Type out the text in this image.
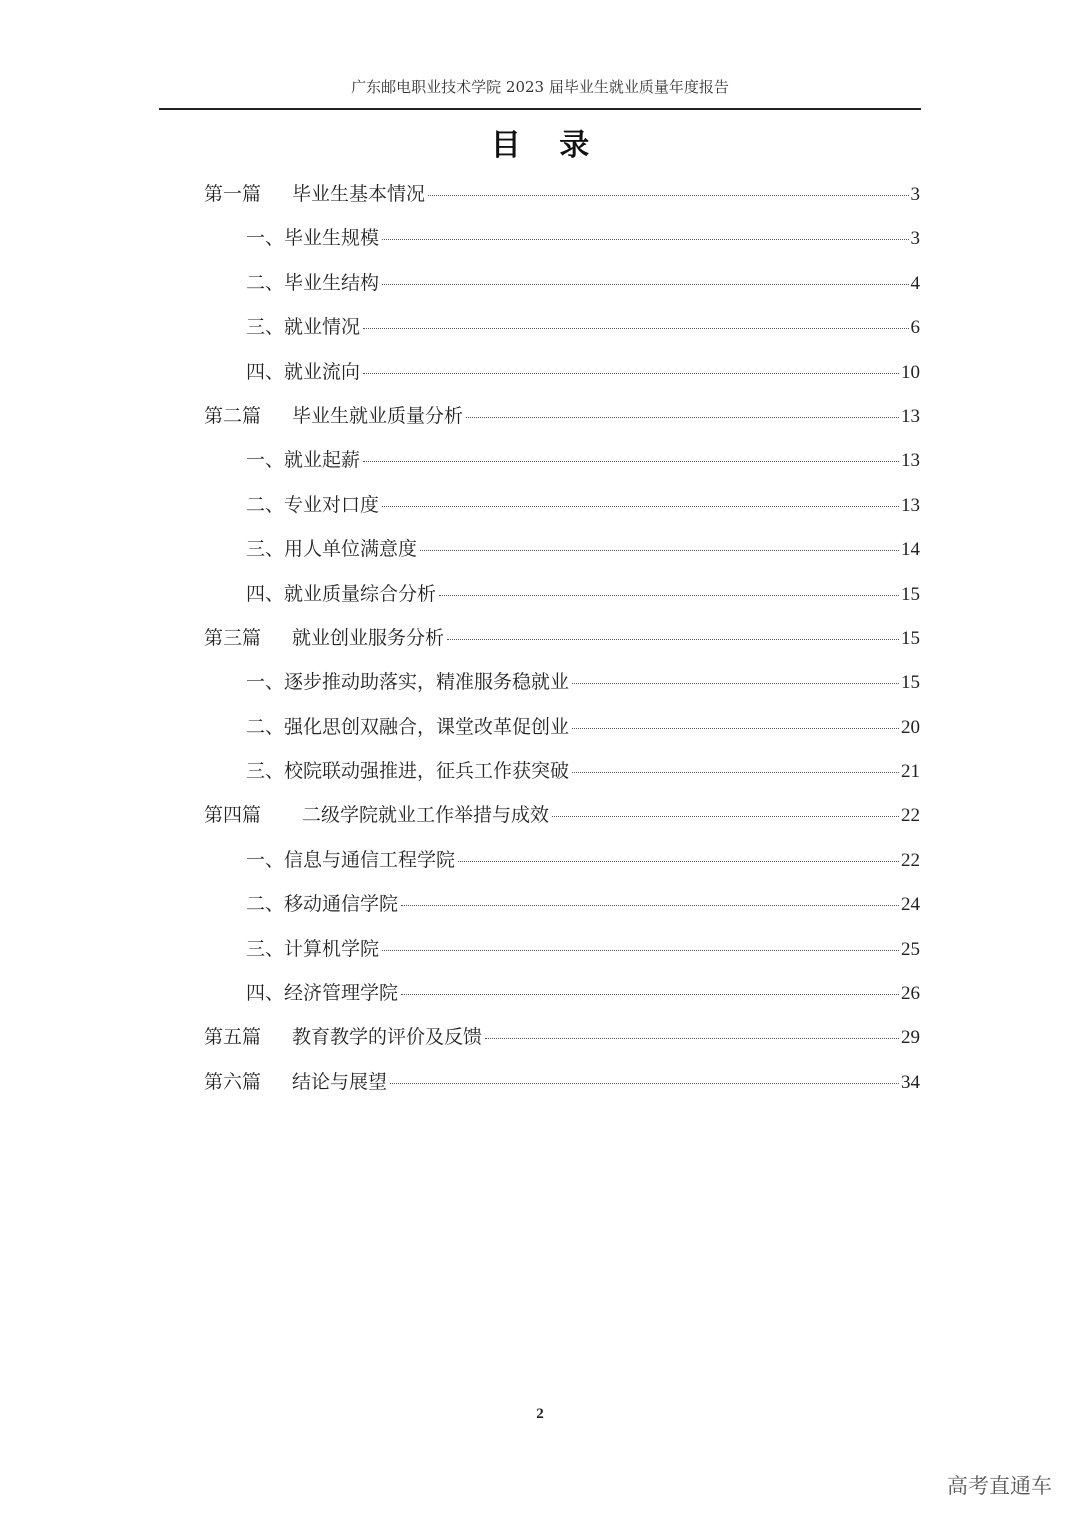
广东邮电职业技术学院 2023 届毕业生就业质量年度报告
目 录
第一篇 毕业生基本情况	3
一、毕业生规模	3
二、毕业生结构	4
三、就业情况	6
四、就业流向	10
第二篇 毕业生就业质量分析	13
一、就业起薪	13
二、专业对口度	13
三、用人单位满意度	14
四、就业质量综合分析	15
第三篇 就业创业服务分析	15
一、逐步推动助落实，精准服务稳就业	15
二、强化思创双融合，课堂改革促创业	20
三、校院联动强推进，征兵工作获突破	21
第四篇 二级学院就业工作举措与成效	22
一、信息与通信工程学院	22
二、移动通信学院	24
三、计算机学院	25
四、经济管理学院	26
第五篇 教育教学的评价及反馈	29
第六篇 结论与展望	34
2
高考直通车
